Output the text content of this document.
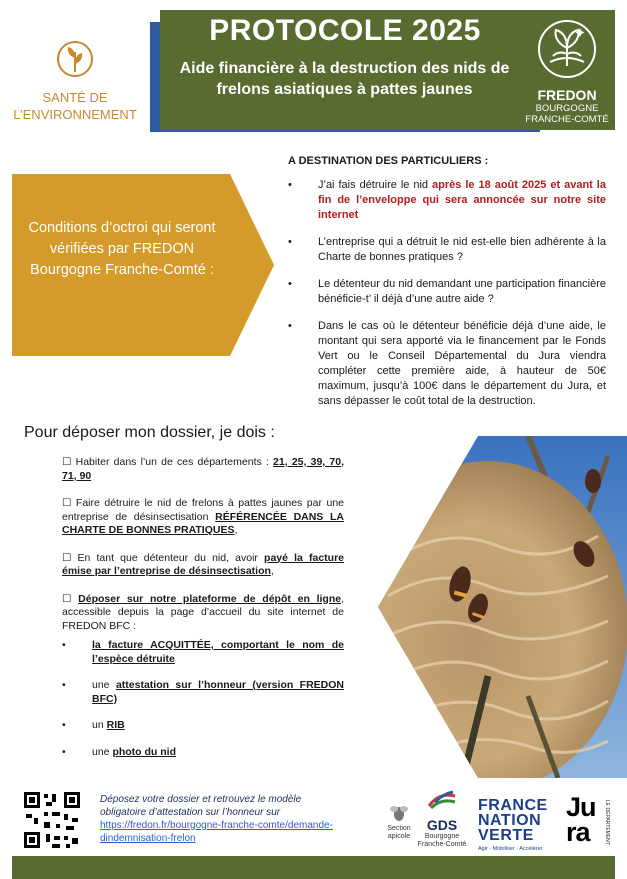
PROTOCOLE 2025
Aide financière à la destruction des nids de frelons asiatiques à pattes jaunes	FREDON
BOURGOGNE
FRANCHE-COMTÉ
SANTÉ DE
L’ENVIRONNEMENT
Conditions d’octroi qui seront vérifiées par FREDON Bourgogne Franche-Comté :
A DESTINATION DES PARTICULIERS :
• J’ai fais détruire le nid après le 18 août 2025 et avant la fin de l’enveloppe qui sera annoncée sur notre site internet
• L’entreprise qui a détruit le nid est-elle bien adhérente à la Charte de bonnes pratiques ?
• Le détenteur du nid demandant une participation financière bénéficie-t’ il déjà d’une autre aide ?
• Dans le cas où le détenteur bénéficie déjà d’une aide, le montant qui sera apporté via le financement par le Fonds Vert ou le Conseil Départemental du Jura viendra compléter cette première aide, à hauteur de 50€ maximum, jusqu’à 100€ dans le département du Jura, et sans dépasser le coût total de la destruction.
Pour déposer mon dossier, je dois :
☐ Habiter dans l’un de ces départements : 21, 25, 39, 70, 71, 90
☐ Faire détruire le nid de frelons à pattes jaunes par une entreprise de désinsectisation RÉFÉRENCÉE DANS LA CHARTE DE BONNES PRATIQUES,
☐ En tant que détenteur du nid, avoir payé la facture émise par l’entreprise de désinsectisation,
☐ Déposer sur notre plateforme de dépôt en ligne, accessible depuis la page d’accueil du site internet de FREDON BFC :
•	la facture ACQUITTÉE, comportant le nom de l’espèce détruite
•	une attestation sur l’honneur (version FREDON BFC)
•	un RIB
•	une photo du nid
Déposez votre dossier et retrouvez le modèle obligatoire d’attestation sur l’honneur sur https://fredon.fr/bourgogne-franche-comte/demande-dindemnisation-frelon
Section
apicole
GDS
Bourgogne
Franche-Comté
FRANCE
NATION
VERTE
Agir · Mobiliser · Accélérer
Ju
ra	LE DÉPARTEMENT
